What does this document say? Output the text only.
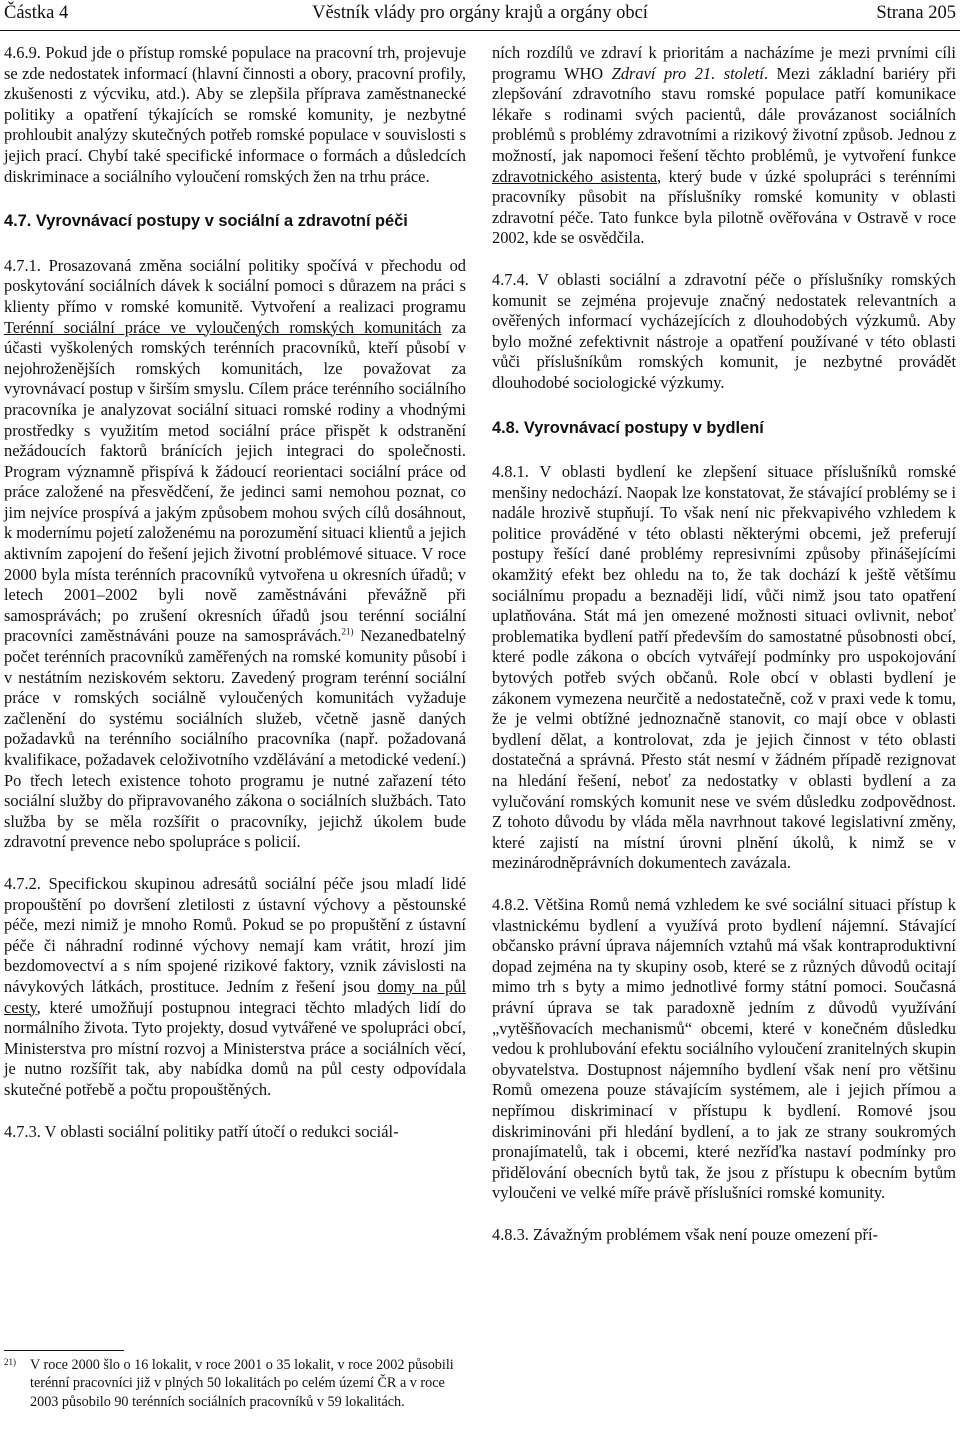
Částka 4	Věstník vlády pro orgány krajů a orgány obcí	Strana 205

4.6.9. Pokud jde o přístup romské populace na pracovní trh, projevuje se zde nedostatek informací (hlavní činnosti a obory, pracovní profily, zkušenosti z výcviku, atd.). Aby se zlepšila příprava zaměstnanecké politiky a opatření týkajících se romské komunity, je nezbytné prohloubit analýzy skutečných potřeb romské populace v souvislosti s jejich prací. Chybí také specifické informace o formách a důsledcích diskriminace a sociálního vyloučení romských žen na trhu práce.

4.7. Vyrovnávací postupy v sociální a zdravotní péči

4.7.1. Prosazovaná změna sociální politiky spočívá v přechodu od poskytování sociálních dávek k sociální pomoci s důrazem na práci s klienty přímo v romské komunitě. Vytvoření a realizaci programu Terénní sociální práce ve vyloučených romských komunitách za účasti vyškolených romských terénních pracovníků, kteří působí v nejohroženějších romských komunitách, lze považovat za vyrovnávací postup v širším smyslu. Cílem práce terénního sociálního pracovníka je analyzovat sociální situaci romské rodiny a vhodnými prostředky s využitím metod sociální práce přispět k odstranění nežádoucích faktorů bránících jejich integraci do společnosti. Program významně přispívá k žádoucí reorientaci sociální práce od práce založené na přesvědčení, že jedinci sami nemohou poznat, co jim nejvíce prospívá a jakým způsobem mohou svých cílů dosáhnout, k modernímu pojetí založenému na porozumění situaci klientů a jejich aktivním zapojení do řešení jejich životní problémové situace. V roce 2000 byla místa terénních pracovníků vytvořena u okresních úřadů; v letech 2001–2002 byli nově zaměstnáváni převážně při samosprávách; po zrušení okresních úřadů jsou terénní sociální pracovníci zaměstnáváni pouze na samosprávách.$^{21)}$ Nezanedbatelný počet terénních pracovníků zaměřených na romské komunity působí i v nestátním neziskovém sektoru. Zavedený program terénní sociální práce v romských sociálně vyloučených komunitách vyžaduje začlenění do systému sociálních služeb, včetně jasně daných požadavků na terénního sociálního pracovníka (např. požadovaná kvalifikace, požadavek celoživotního vzdělávání a metodické vedení.) Po třech letech existence tohoto programu je nutné zařazení této sociální služby do připravovaného zákona o sociálních službách. Tato služba by se měla rozšířit o pracovníky, jejichž úkolem bude zdravotní prevence nebo spolupráce s policií.

4.7.2. Specifickou skupinou adresátů sociální péče jsou mladí lidé propouštění po dovršení zletilosti z ústavní výchovy a pěstounské péče, mezi nimiž je mnoho Romů. Pokud se po propuštění z ústavní péče či náhradní rodinné výchovy nemají kam vrátit, hrozí jim bezdomovectví a s ním spojené rizikové faktory, vznik závislosti na návykových látkách, prostituce. Jedním z řešení jsou domy na půl cesty, které umožňují postupnou integraci těchto mladých lidí do normálního života. Tyto projekty, dosud vytvářené ve spolupráci obcí, Ministerstva pro místní rozvoj a Ministerstva práce a sociálních věcí, je nutno rozšířit tak, aby nabídka domů na půl cesty odpovídala skutečné potřebě a počtu propouštěných.

4.7.3. V oblasti sociální politiky patří útočí o redukci sociál-

21) V roce 2000 šlo o 16 lokalit, v roce 2001 o 35 lokalit, v roce 2002 působili terénní pracovníci již v plných 50 lokalitách po celém území ČR a v roce 2003 působilo 90 terénních sociálních pracovníků v 59 lokalitách.

ních rozdílů ve zdraví k prioritám a nacházíme je mezi prvními cíli programu WHO Zdraví pro 21. století. Mezi základní bariéry při zlepšování zdravotního stavu romské populace patří komunikace lékaře s rodinami svých pacientů, dále provázanost sociálních problémů s problémy zdravotními a rizikový životní způsob. Jednou z možností, jak napomoci řešení těchto problémů, je vytvoření funkce zdravotnického asistenta, který bude v úzké spolupráci s terénními pracovníky působit na příslušníky romské komunity v oblasti zdravotní péče. Tato funkce byla pilotně ověřována v Ostravě v roce 2002, kde se osvědčila.

4.7.4. V oblasti sociální a zdravotní péče o příslušníky romských komunit se zejména projevuje značný nedostatek relevantních a ověřených informací vycházejících z dlouhodobých výzkumů. Aby bylo možné zefektivnit nástroje a opatření používané v této oblasti vůči příslušníkům romských komunit, je nezbytné provádět dlouhodobé sociologické výzkumy.

4.8. Vyrovnávací postupy v bydlení

4.8.1. V oblasti bydlení ke zlepšení situace příslušníků romské menšiny nedochází. Naopak lze konstatovat, že stávající problémy se i nadále hrozivě stupňují. To však není nic překvapivého vzhledem k politice prováděné v této oblasti některými obcemi, jež preferují postupy řešící dané problémy represivními způsoby přinášejícími okamžitý efekt bez ohledu na to, že tak dochází k ještě většímu sociálnímu propadu a beznaději lidí, vůči nimž jsou tato opatření uplatňována. Stát má jen omezené možnosti situaci ovlivnit, neboť problematika bydlení patří především do samostatné působnosti obcí, které podle zákona o obcích vytvářejí podmínky pro uspokojování bytových potřeb svých občanů. Role obcí v oblasti bydlení je zákonem vymezena neurčitě a nedostatečně, což v praxi vede k tomu, že je velmi obtížné jednoznačně stanovit, co mají obce v oblasti bydlení dělat, a kontrolovat, zda je jejich činnost v této oblasti dostatečná a správná. Přesto stát nesmí v žádném případě rezignovat na hledání řešení, neboť za nedostatky v oblasti bydlení a za vylučování romských komunit nese ve svém důsledku zodpovědnost. Z tohoto důvodu by vláda měla navrhnout takové legislativní změny, které zajistí na místní úrovni plnění úkolů, k nimž se v mezinárodněprávních dokumentech zavázala.

4.8.2. Většina Romů nemá vzhledem ke své sociální situaci přístup k vlastnickému bydlení a využívá proto bydlení nájemní. Stávající občansko právní úprava nájemních vztahů má však kontraproduktivní dopad zejména na ty skupiny osob, které se z různých důvodů ocitají mimo trh s byty a mimo jednotlivé formy státní pomoci. Současná právní úprava se tak paradoxně jedním z důvodů využívání „vytěšňovacích mechanismů“ obcemi, které v konečném důsledku vedou k prohlubování efektu sociálního vyloučení zranitelných skupin obyvatelstva. Dostupnost nájemního bydlení však není pro většinu Romů omezena pouze stávajícím systémem, ale i jejich přímou a nepřímou diskriminací v přístupu k bydlení. Romové jsou diskriminováni při hledání bydlení, a to jak ze strany soukromých pronajímatelů, tak i obcemi, které nezříďka nastaví podmínky pro přidělování obecních bytů tak, že jsou z přístupu k obecním bytům vyloučeni ve velké míře právě příslušníci romské komunity.

4.8.3. Závažným problémem však není pouze omezení pří-
